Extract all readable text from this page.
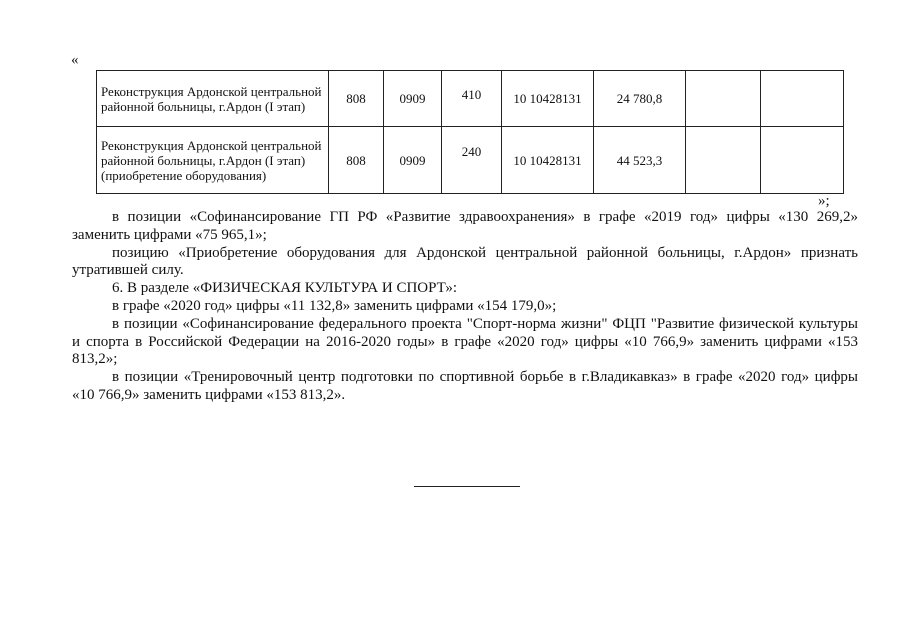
«
Реконструкция Ардонской центральной районной больницы, г.Ардон (I этап)	808	0909	410	10 10428131	24 780,8		
Реконструкция Ардонской центральной районной больницы, г.Ардон (I этап) (приобретение оборудования)	808	0909	240	10 10428131	44 523,3		
»;

в позиции «Софинансирование ГП РФ «Развитие здравоохранения» в графе «2019 год» цифры «130 269,2» заменить цифрами «75 965,1»;

позицию «Приобретение оборудования для Ардонской центральной районной больницы, г.Ардон» признать утратившей силу.

6. В разделе «ФИЗИЧЕСКАЯ КУЛЬТУРА И СПОРТ»:

в графе «2020 год» цифры «11 132,8» заменить цифрами «154 179,0»;

в позиции «Софинансирование федерального проекта "Спорт-норма жизни" ФЦП "Развитие физической культуры и спорта в Российской Федерации на 2016-2020 годы» в графе «2020 год» цифры «10 766,9» заменить цифрами «153 813,2»;

в позиции «Тренировочный центр подготовки по спортивной борьбе в г.Владикавказ» в графе «2020 год» цифры «10 766,9» заменить цифрами «153 813,2».
